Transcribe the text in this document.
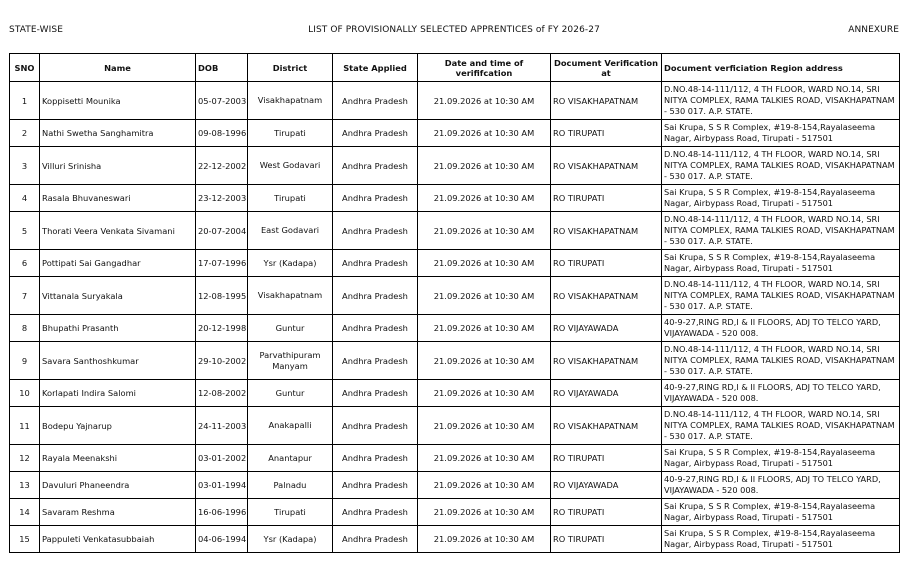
STATE-WISE	LIST OF PROVISIONALLY SELECTED APPRENTICES of FY 2026-27	ANNEXURE
SNO	Name	DOB	District	State Applied	Date and time of verififcation	Document Verification at	Document verficiation Region address
1	Koppisetti Mounika	05-07-2003	Visakhapatnam	Andhra Pradesh	21.09.2026 at 10:30 AM	RO VISAKHAPATNAM	D.NO.48-14-111/112, 4 TH FLOOR, WARD NO.14, SRI NITYA COMPLEX, RAMA TALKIES ROAD, VISAKHAPATNAM - 530 017. A.P. STATE.
2	Nathi Swetha Sanghamitra	09-08-1996	Tirupati	Andhra Pradesh	21.09.2026 at 10:30 AM	RO TIRUPATI	Sai Krupa, S S R Complex, #19-8-154,Rayalaseema Nagar, Airbypass Road, Tirupati - 517501
3	Villuri Srinisha	22-12-2002	West Godavari	Andhra Pradesh	21.09.2026 at 10:30 AM	RO VISAKHAPATNAM	D.NO.48-14-111/112, 4 TH FLOOR, WARD NO.14, SRI NITYA COMPLEX, RAMA TALKIES ROAD, VISAKHAPATNAM - 530 017. A.P. STATE.
4	Rasala Bhuvaneswari	23-12-2003	Tirupati	Andhra Pradesh	21.09.2026 at 10:30 AM	RO TIRUPATI	Sai Krupa, S S R Complex, #19-8-154,Rayalaseema Nagar, Airbypass Road, Tirupati - 517501
5	Thorati Veera Venkata Sivamani	20-07-2004	East Godavari	Andhra Pradesh	21.09.2026 at 10:30 AM	RO VISAKHAPATNAM	D.NO.48-14-111/112, 4 TH FLOOR, WARD NO.14, SRI NITYA COMPLEX, RAMA TALKIES ROAD, VISAKHAPATNAM - 530 017. A.P. STATE.
6	Pottipati Sai Gangadhar	17-07-1996	Ysr (Kadapa)	Andhra Pradesh	21.09.2026 at 10:30 AM	RO TIRUPATI	Sai Krupa, S S R Complex, #19-8-154,Rayalaseema Nagar, Airbypass Road, Tirupati - 517501
7	Vittanala Suryakala	12-08-1995	Visakhapatnam	Andhra Pradesh	21.09.2026 at 10:30 AM	RO VISAKHAPATNAM	D.NO.48-14-111/112, 4 TH FLOOR, WARD NO.14, SRI NITYA COMPLEX, RAMA TALKIES ROAD, VISAKHAPATNAM - 530 017. A.P. STATE.
8	Bhupathi Prasanth	20-12-1998	Guntur	Andhra Pradesh	21.09.2026 at 10:30 AM	RO VIJAYAWADA	40-9-27,RING RD,I & II FLOORS, ADJ TO TELCO YARD, VIJAYAWADA - 520 008.
9	Savara Santhoshkumar	29-10-2002	Parvathipuram Manyam	Andhra Pradesh	21.09.2026 at 10:30 AM	RO VISAKHAPATNAM	D.NO.48-14-111/112, 4 TH FLOOR, WARD NO.14, SRI NITYA COMPLEX, RAMA TALKIES ROAD, VISAKHAPATNAM - 530 017. A.P. STATE.
10	Korlapati Indira Salomi	12-08-2002	Guntur	Andhra Pradesh	21.09.2026 at 10:30 AM	RO VIJAYAWADA	40-9-27,RING RD,I & II FLOORS, ADJ TO TELCO YARD, VIJAYAWADA - 520 008.
11	Bodepu Yajnarup	24-11-2003	Anakapalli	Andhra Pradesh	21.09.2026 at 10:30 AM	RO VISAKHAPATNAM	D.NO.48-14-111/112, 4 TH FLOOR, WARD NO.14, SRI NITYA COMPLEX, RAMA TALKIES ROAD, VISAKHAPATNAM - 530 017. A.P. STATE.
12	Rayala Meenakshi	03-01-2002	Anantapur	Andhra Pradesh	21.09.2026 at 10:30 AM	RO TIRUPATI	Sai Krupa, S S R Complex, #19-8-154,Rayalaseema Nagar, Airbypass Road, Tirupati - 517501
13	Davuluri Phaneendra	03-01-1994	Palnadu	Andhra Pradesh	21.09.2026 at 10:30 AM	RO VIJAYAWADA	40-9-27,RING RD,I & II FLOORS, ADJ TO TELCO YARD, VIJAYAWADA - 520 008.
14	Savaram Reshma	16-06-1996	Tirupati	Andhra Pradesh	21.09.2026 at 10:30 AM	RO TIRUPATI	Sai Krupa, S S R Complex, #19-8-154,Rayalaseema Nagar, Airbypass Road, Tirupati - 517501
15	Pappuleti Venkatasubbaiah	04-06-1994	Ysr (Kadapa)	Andhra Pradesh	21.09.2026 at 10:30 AM	RO TIRUPATI	Sai Krupa, S S R Complex, #19-8-154,Rayalaseema Nagar, Airbypass Road, Tirupati - 517501
